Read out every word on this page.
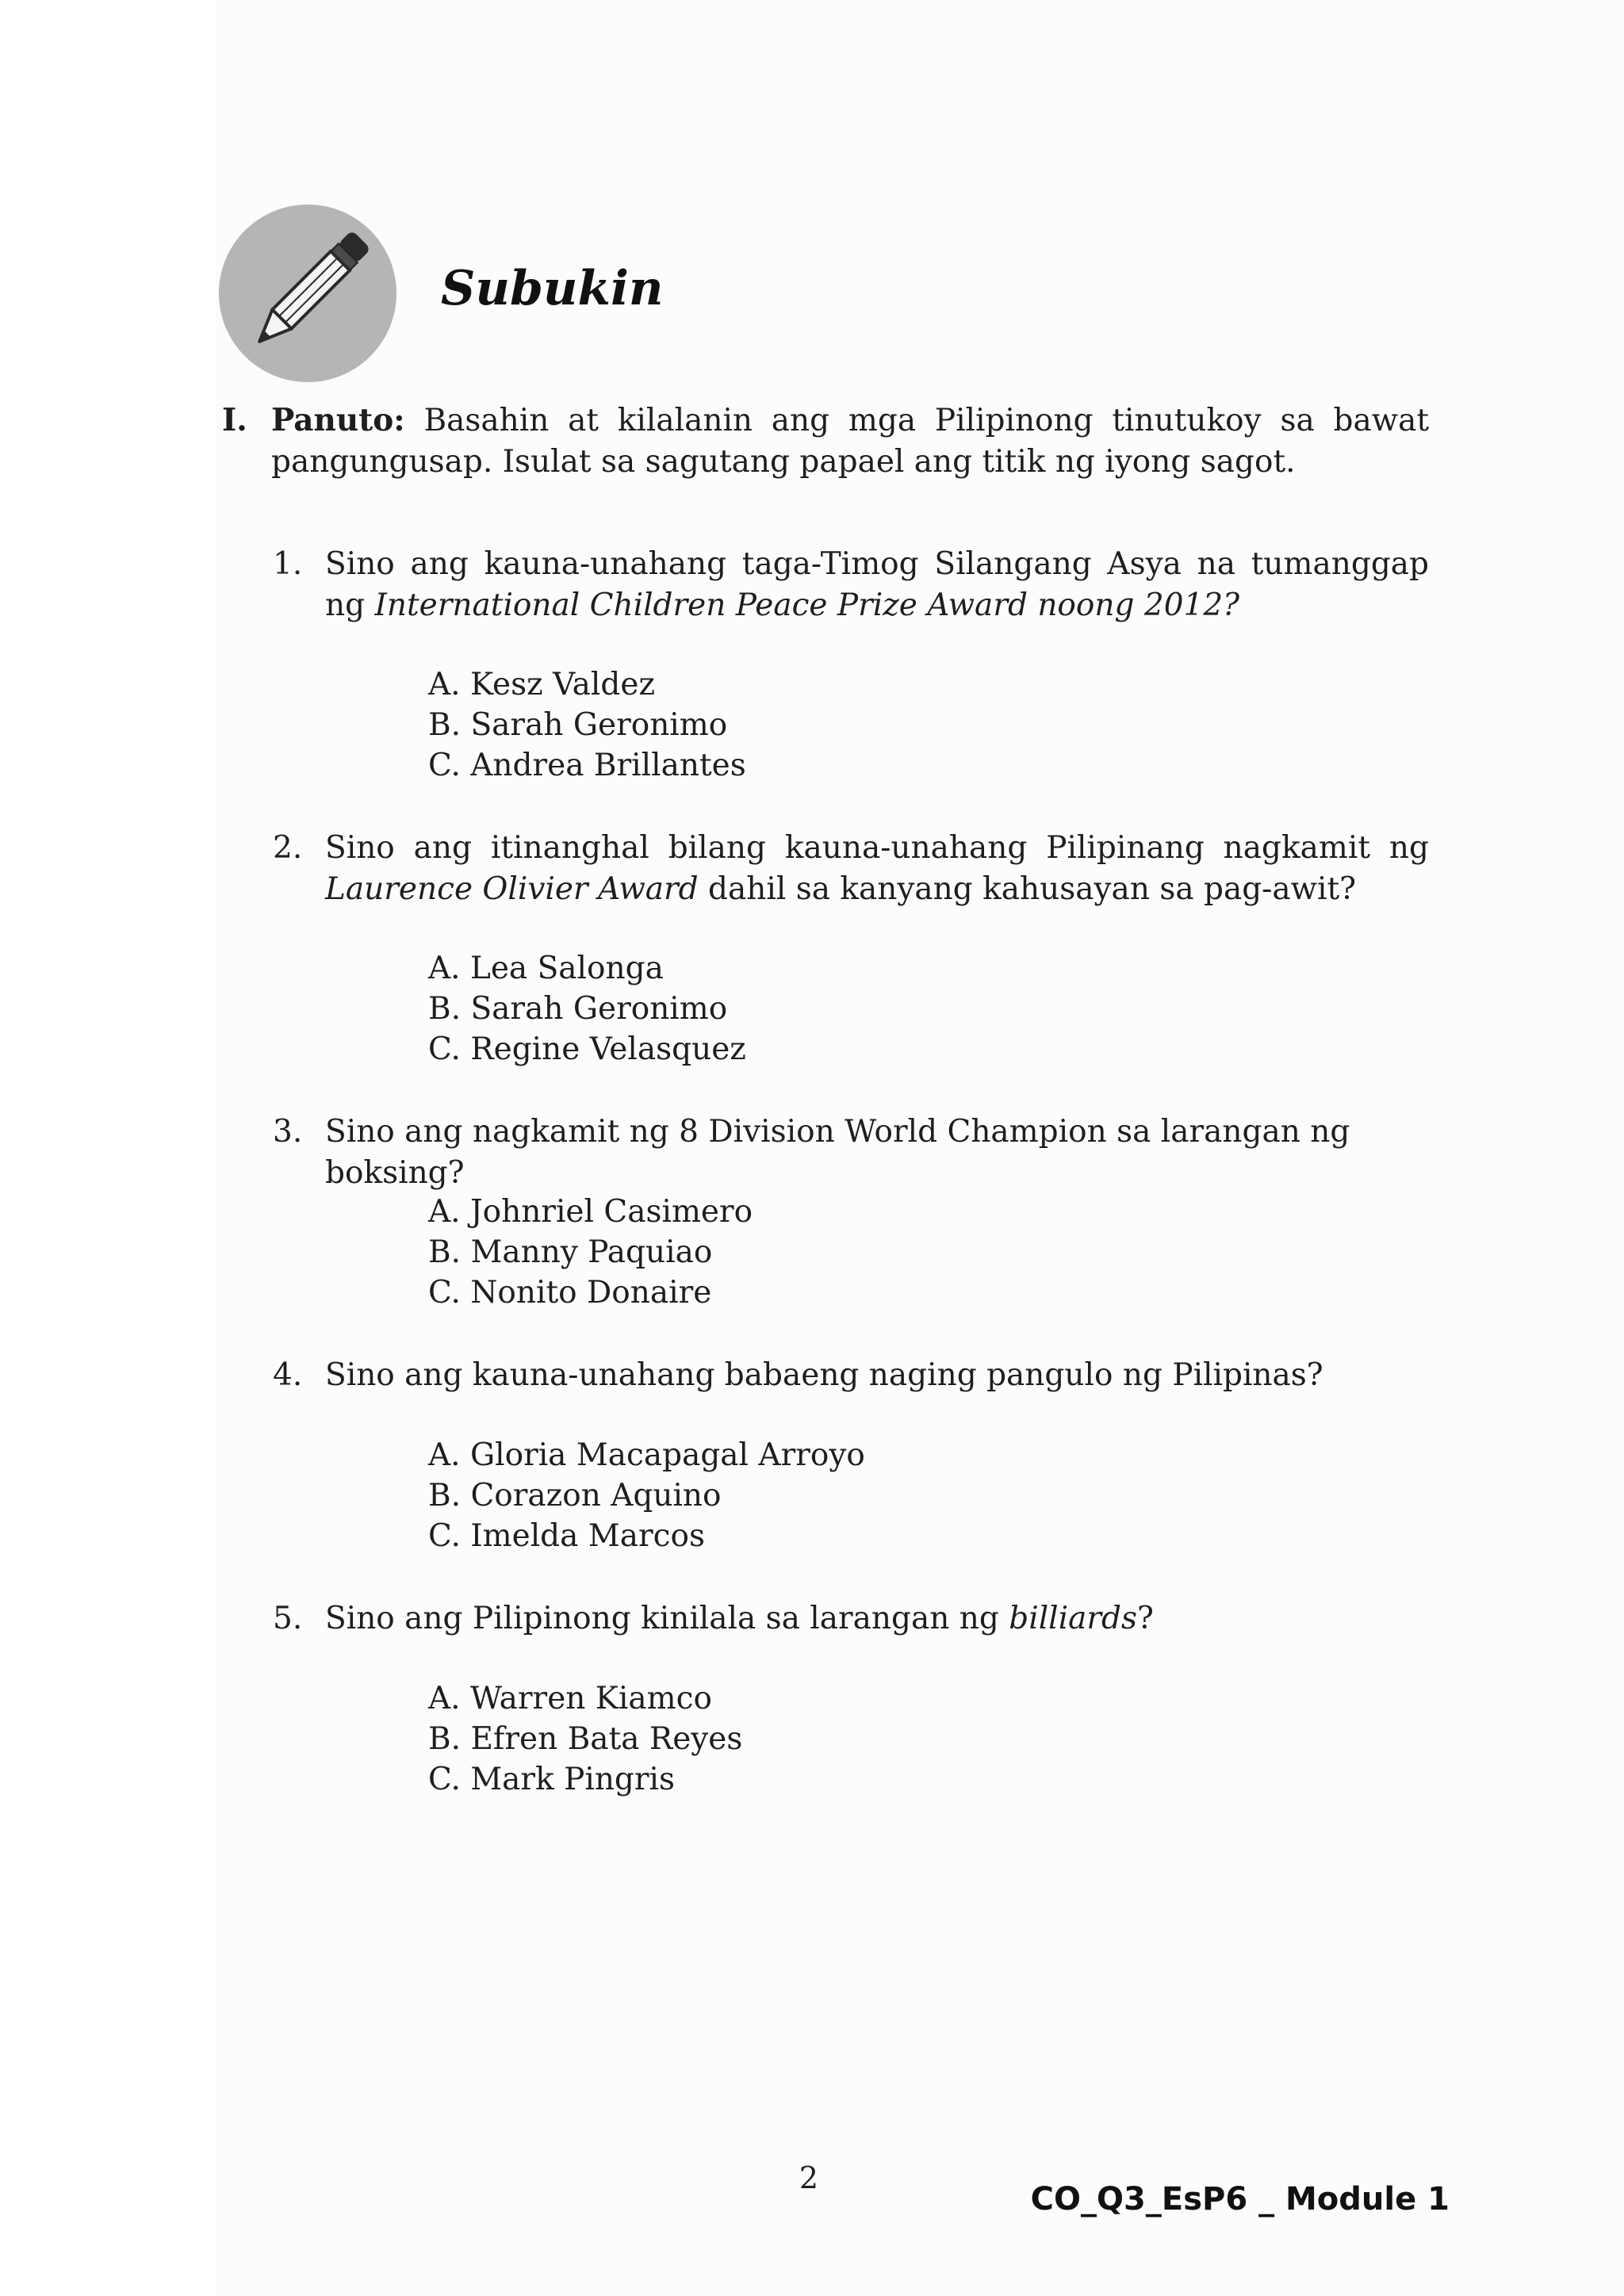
Subukin
I. Panuto: Basahin at kilalanin ang mga Pilipinong tinutukoy sa bawat pangungusap. Isulat sa sagutang papael ang titik ng iyong sagot.
1. Sino ang kauna-unahang taga-Timog Silangang Asya na tumanggap ng International Children Peace Prize Award noong 2012?
A. Kesz Valdez
B. Sarah Geronimo
C. Andrea Brillantes
2. Sino ang itinanghal bilang kauna-unahang Pilipinang nagkamit ng Laurence Olivier Award dahil sa kanyang kahusayan sa pag-awit?
A. Lea Salonga
B. Sarah Geronimo
C. Regine Velasquez
3. Sino ang nagkamit ng 8 Division World Champion sa larangan ng boksing?
A. Johnriel Casimero
B. Manny Paquiao
C. Nonito Donaire
4. Sino ang kauna-unahang babaeng naging pangulo ng Pilipinas?
A. Gloria Macapagal Arroyo
B. Corazon Aquino
C. Imelda Marcos
5. Sino ang Pilipinong kinilala sa larangan ng billiards?
A. Warren Kiamco
B. Efren Bata Reyes
C. Mark Pingris
2
CO_Q3_EsP6 _ Module 1
